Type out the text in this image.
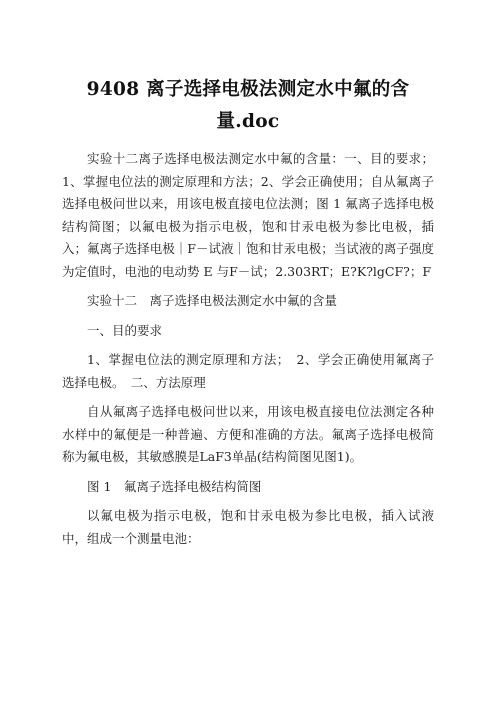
9408 离子选择电极法测定水中氟的含量.doc

实验十二离子选择电极法测定水中氟的含量：一、目的要求；1、掌握电位法的测定原理和方法；2、学会正确使用；自从氟离子选择电极问世以来，用该电极直接电位法测；图 1 氟离子选择电极结构简图；以氟电极为指示电极，饱和甘汞电极为参比电极，插入；氟离子选择电极｜F－试液｜饱和甘汞电极；当试液的离子强度为定值时，电池的电动势 E 与F－试；2.303RT；E?K?lgCF?；F

实验十二　离子选择电极法测定水中氟的含量

一、目的要求

1、掌握电位法的测定原理和方法；　2、学会正确使用氟离子选择电极。　二、方法原理

自从氟离子选择电极问世以来，用该电极直接电位法测定各种水样中的氟便是一种普遍、方便和准确的方法。氟离子选择电极简称为氟电极，其敏感膜是LaF3单晶(结构简图见图1)。

图 1　氟离子选择电极结构简图

以氟电极为指示电极，饱和甘汞电极为参比电极，插入试液中，组成一个测量电池：
